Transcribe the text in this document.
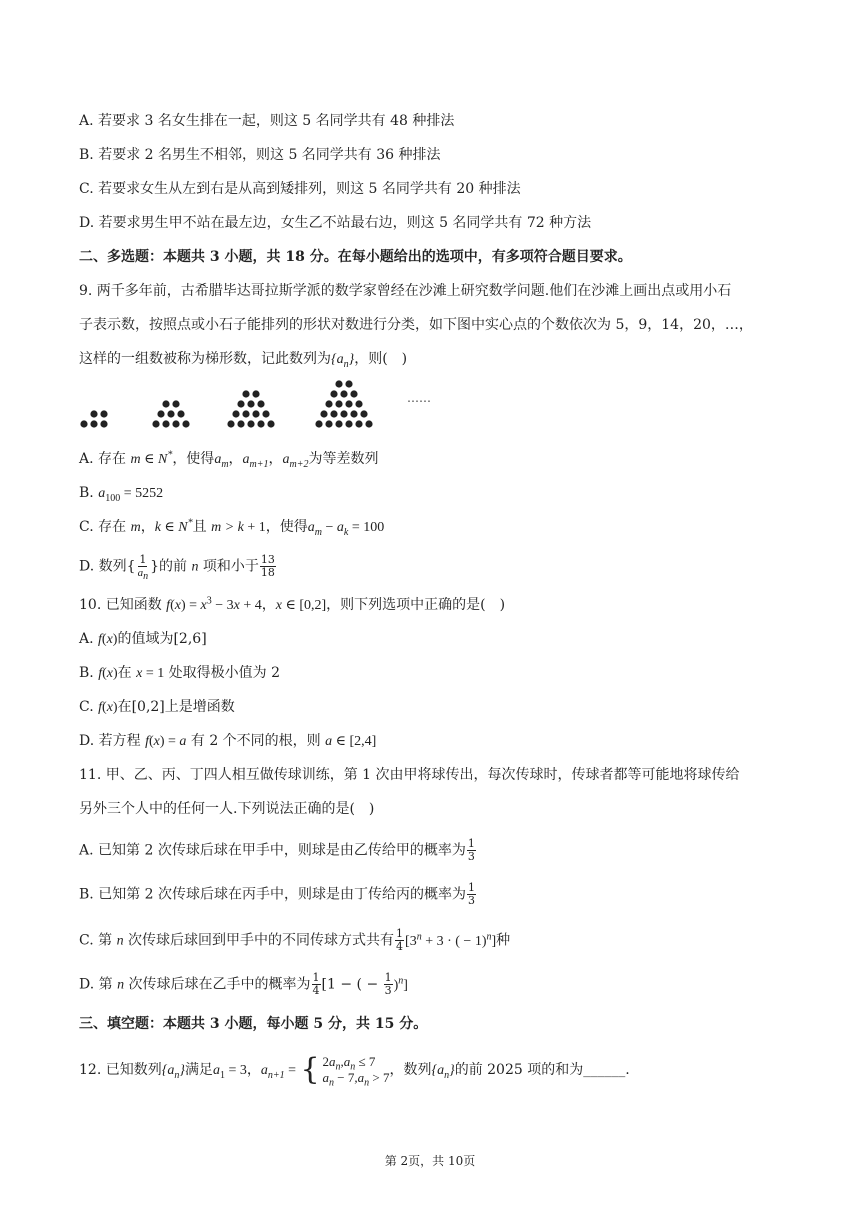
A. 若要求 3 名女生排在一起，则这 5 名同学共有 48 种排法
B. 若要求 2 名男生不相邻，则这 5 名同学共有 36 种排法
C. 若要求女生从左到右是从高到矮排列，则这 5 名同学共有 20 种排法
D. 若要求男生甲不站在最左边，女生乙不站最右边，则这 5 名同学共有 72 种方法
二、多选题：本题共 3 小题，共 18 分。在每小题给出的选项中，有多项符合题目要求。
9. 两千多年前，古希腊毕达哥拉斯学派的数学家曾经在沙滩上研究数学问题.他们在沙滩上画出点或用小石
子表示数，按照点或小石子能排列的形状对数进行分类，如下图中实心点的个数依次为 5，9，14，20，…，
这样的一组数被称为梯形数，记此数列为$\{a_n\}$，则(　)
……
A. 存在 m ∈ N*，使得$a_m$，$a_{m+1}$，$a_{m+2}$为等差数列
B. $a_{100} = 5252$
C. 存在 m，k ∈ N*且 m > k + 1，使得$a_m - a_k = 100$
D. 数列{ $\frac{1}{a_n}$ }的前 n 项和小于 $\frac{13}{18}$
10. 已知函数 $f(x) = x^3 - 3x + 4$，x ∈ [0,2]，则下列选项中正确的是(　)
A. f(x)的值域为[2,6]
B. f(x)在 x = 1 处取得极小值为 2
C. f(x)在[0,2]上是增函数
D. 若方程 f(x) = a 有 2 个不同的根，则 a ∈ [2,4]
11. 甲、乙、丙、丁四人相互做传球训练，第 1 次由甲将球传出，每次传球时，传球者都等可能地将球传给
另外三个人中的任何一人.下列说法正确的是(　)
A. 已知第 2 次传球后球在甲手中，则球是由乙传给甲的概率为 $\frac{1}{3}$
B. 已知第 2 次传球后球在丙手中，则球是由丁传给丙的概率为 $\frac{1}{3}$
C. 第 n 次传球后球回到甲手中的不同传球方式共有 $\frac{1}{4} [3^n + 3$ · ( − 1)$^n$]种
D. 第 n 次传球后球在乙手中的概率为 $\frac{1}{4} [1$ − ( − $\frac{1}{3} )^n$]
三、填空题：本题共 3 小题，每小题 5 分，共 15 分。
12. 已知数列$\{a_n\}$满足$a_1 = 3$，$a_{n+1}$ = { $2a_n,a_n \le 7$
$a_n - 7,a_n > 7$ ，数列$\{a_n\}$的前 2025 项的和为______.
第 2页，共 10页
